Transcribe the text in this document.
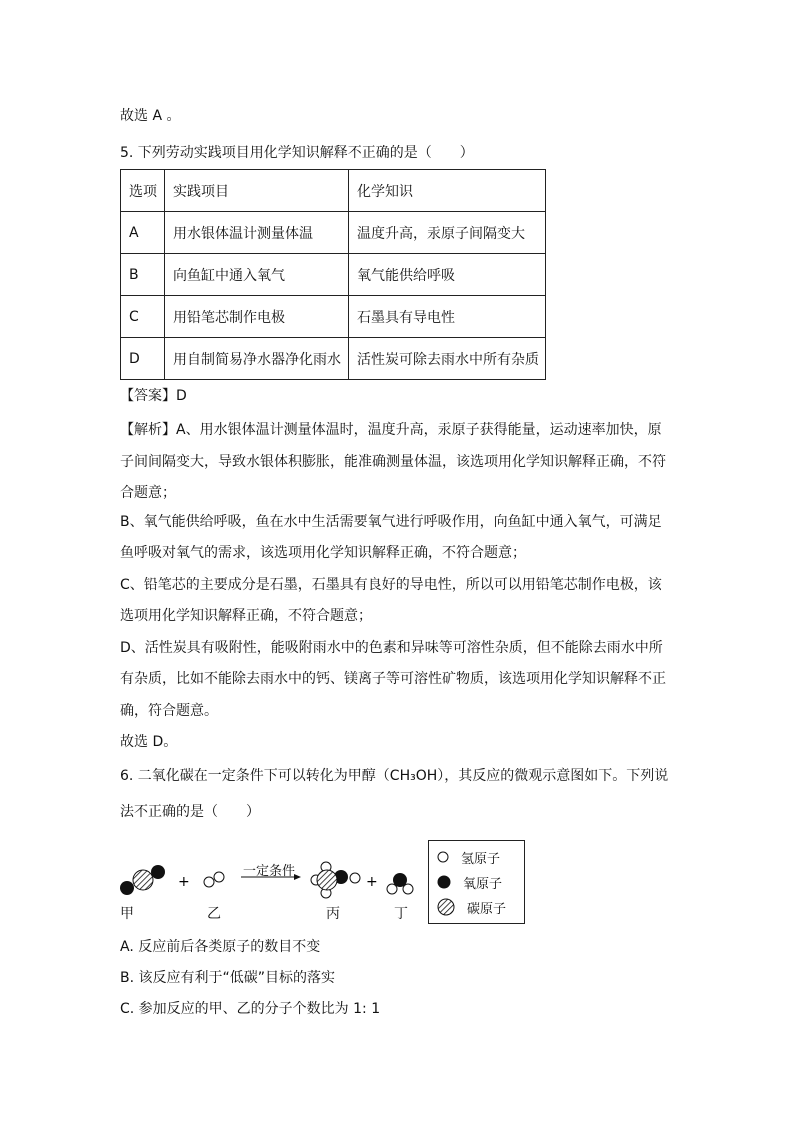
故选 A 。
5. 下列劳动实践项目用化学知识解释不正确的是（　　）
选项	实践项目	化学知识
A	用水银体温计测量体温	温度升高，汞原子间隔变大
B	向鱼缸中通入氧气	氧气能供给呼吸
C	用铅笔芯制作电极	石墨具有导电性
D	用自制简易净水器净化雨水	活性炭可除去雨水中所有杂质
【答案】D
【解析】A、用水银体温计测量体温时，温度升高，汞原子获得能量，运动速率加快，原
子间间隔变大，导致水银体积膨胀，能准确测量体温，该选项用化学知识解释正确，不符
合题意；
B、氧气能供给呼吸，鱼在水中生活需要氧气进行呼吸作用，向鱼缸中通入氧气，可满足
鱼呼吸对氧气的需求，该选项用化学知识解释正确，不符合题意；
C、铅笔芯的主要成分是石墨，石墨具有良好的导电性，所以可以用铅笔芯制作电极，该
选项用化学知识解释正确，不符合题意；
D、活性炭具有吸附性，能吸附雨水中的色素和异味等可溶性杂质，但不能除去雨水中所
有杂质，比如不能除去雨水中的钙、镁离子等可溶性矿物质，该选项用化学知识解释不正
确，符合题意。
故选 D。
6. 二氧化碳在一定条件下可以转化为甲醇（CH₃OH），其反应的微观示意图如下。下列说
法不正确的是（　　）
+	+
一定条件
甲	乙	丙	丁
氢原子
氧原子
碳原子
A. 反应前后各类原子的数目不变
B. 该反应有利于“低碳”目标的落实
C. 参加反应的甲、乙的分子个数比为 1: 1
